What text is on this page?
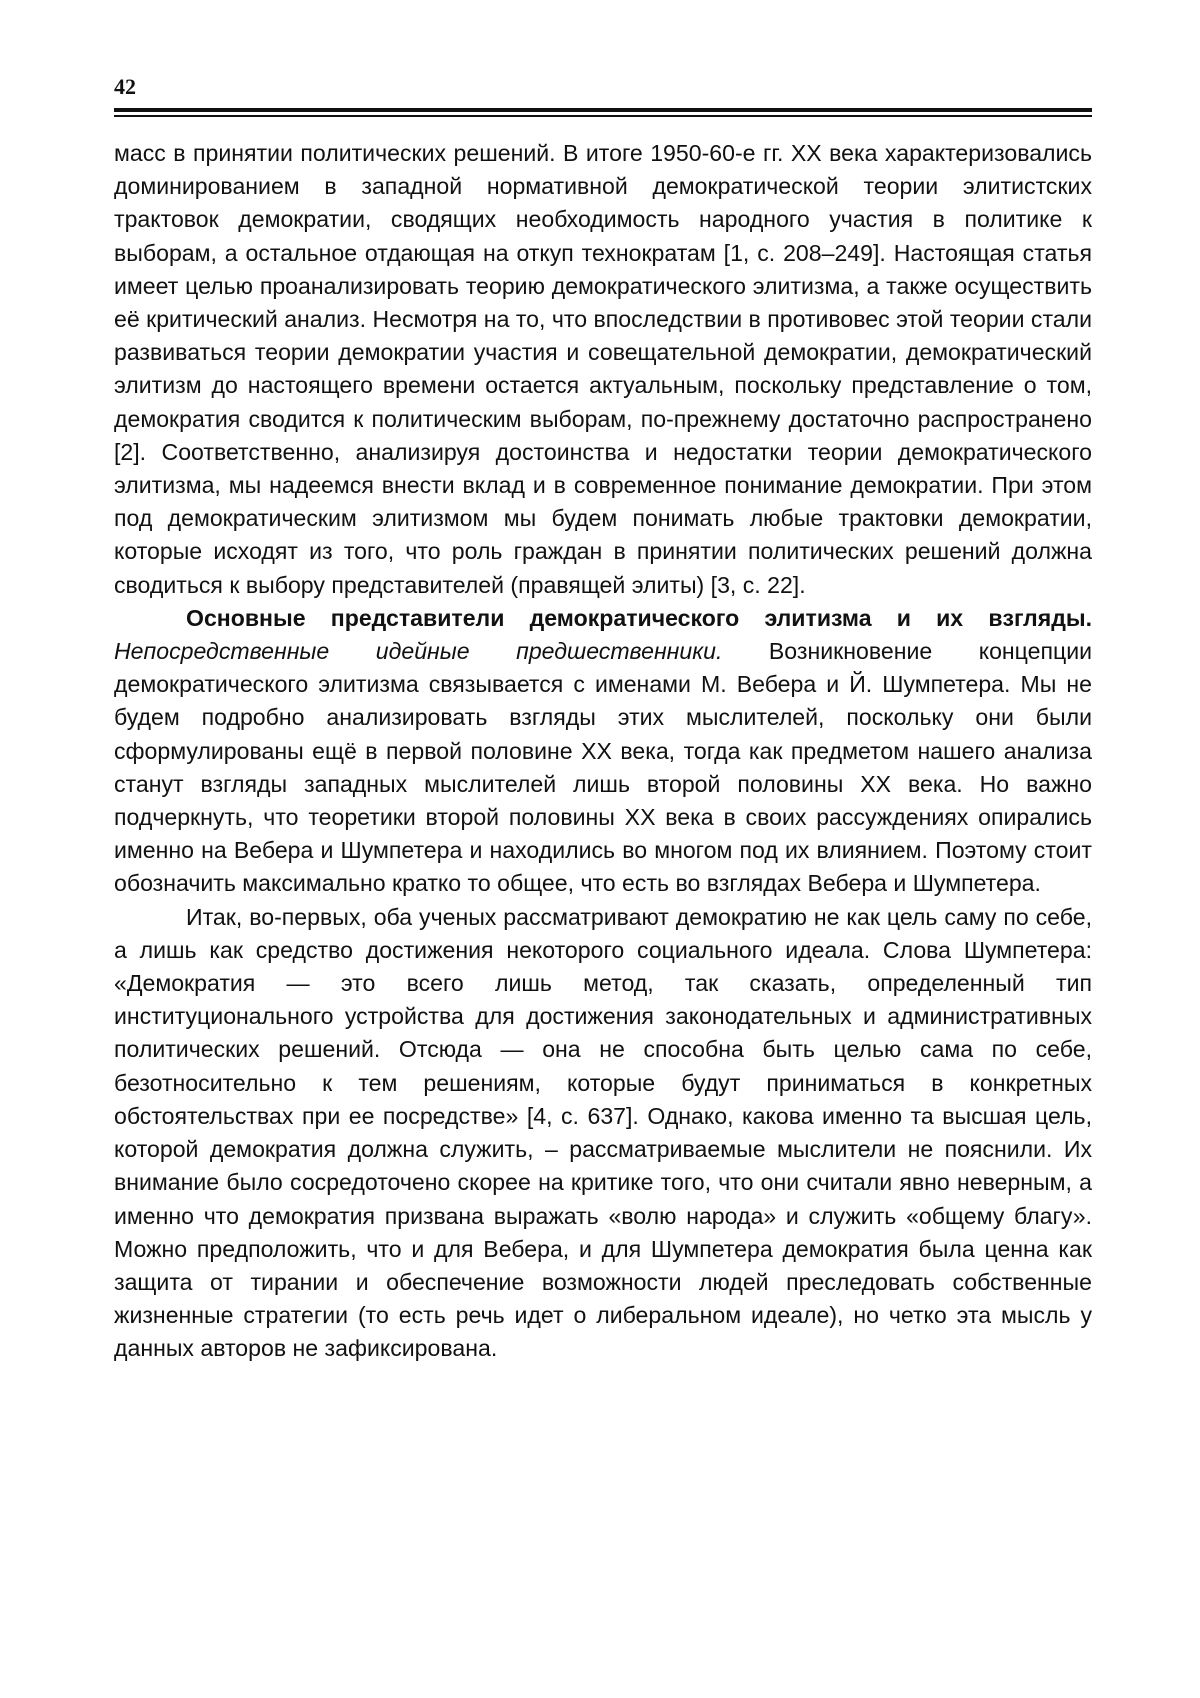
42

масс в принятии политических решений. В итоге 1950-60-е гг. XX века характеризовались доминированием в западной нормативной демократической теории элитистских трактовок демократии, сводящих необходимость народного участия в политике к выборам, а остальное отдающая на откуп технократам [1, с. 208–249]. Настоящая статья имеет целью проанализировать теорию демократического элитизма, а также осуществить её критический анализ. Несмотря на то, что впоследствии в противовес этой теории стали развиваться теории демократии участия и совещательной демократии, демократический элитизм до настоящего времени остается актуальным, поскольку представление о том, демократия сводится к политическим выборам, по-прежнему достаточно распространено [2]. Соответственно, анализируя достоинства и недостатки теории демократического элитизма, мы надеемся внести вклад и в современное понимание демократии. При этом под демократическим элитизмом мы будем понимать любые трактовки демократии, которые исходят из того, что роль граждан в принятии политических решений должна сводиться к выбору представителей (правящей элиты) [3, с. 22].

Основные представители демократического элитизма и их взгляды. Непосредственные идейные предшественники. Возникновение концепции демократического элитизма связывается с именами М. Вебера и Й. Шумпетера. Мы не будем подробно анализировать взгляды этих мыслителей, поскольку они были сформулированы ещё в первой половине XX века, тогда как предметом нашего анализа станут взгляды западных мыслителей лишь второй половины XX века. Но важно подчеркнуть, что теоретики второй половины XX века в своих рассуждениях опирались именно на Вебера и Шумпетера и находились во многом под их влиянием. Поэтому стоит обозначить максимально кратко то общее, что есть во взглядах Вебера и Шумпетера.

Итак, во-первых, оба ученых рассматривают демократию не как цель саму по себе, а лишь как средство достижения некоторого социального идеала. Слова Шумпетера: «Демократия — это всего лишь метод, так сказать, определенный тип институционального устройства для достижения законодательных и административных политических решений. Отсюда — она не способна быть целью сама по себе, безотносительно к тем решениям, которые будут приниматься в конкретных обстоятельствах при ее посредстве» [4, с. 637]. Однако, какова именно та высшая цель, которой демократия должна служить, – рассматриваемые мыслители не пояснили. Их внимание было сосредоточено скорее на критике того, что они считали явно неверным, а именно что демократия призвана выражать «волю народа» и служить «общему благу». Можно предположить, что и для Вебера, и для Шумпетера демократия была ценна как защита от тирании и обеспечение возможности людей преследовать собственные жизненные стратегии (то есть речь идет о либеральном идеале), но четко эта мысль у данных авторов не зафиксирована.
